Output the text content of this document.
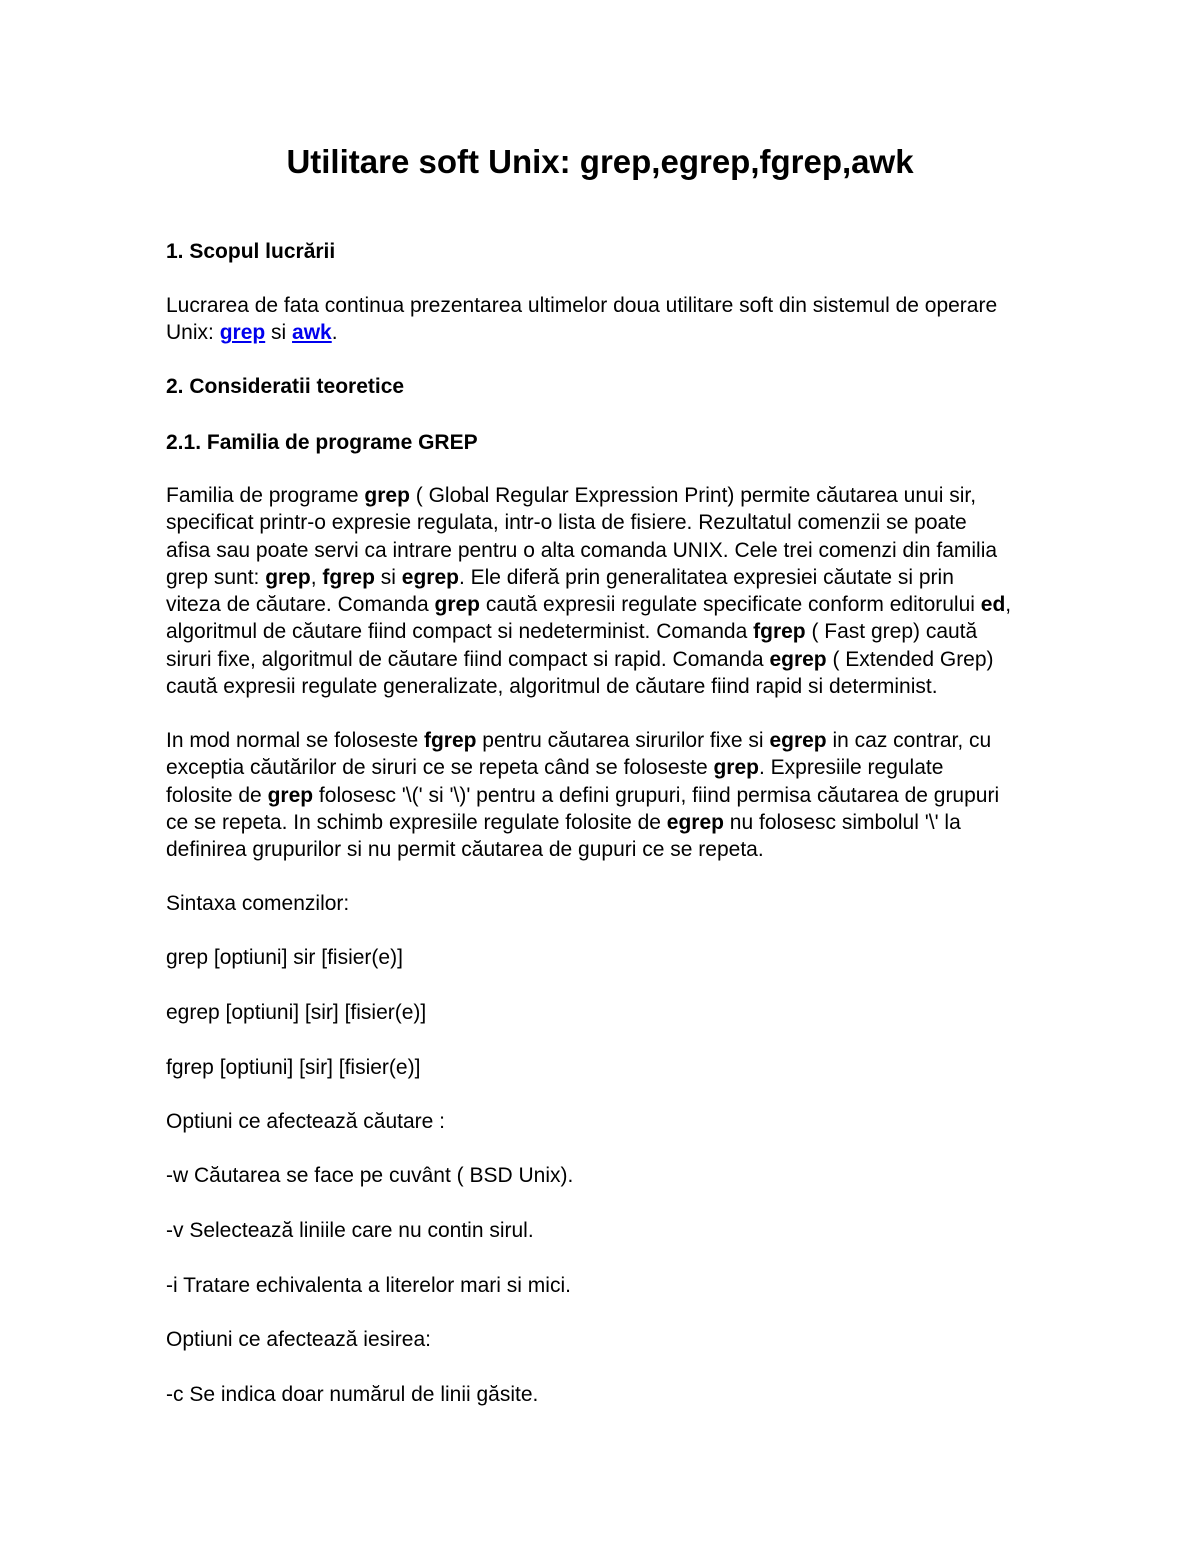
Utilitare soft Unix: grep,egrep,fgrep,awk

1. Scopul lucrării

Lucrarea de fata continua prezentarea ultimelor doua utilitare soft din sistemul de operare
Unix: grep si awk.

2. Consideratii teoretice

2.1. Familia de programe GREP

Familia de programe grep ( Global Regular Expression Print) permite căutarea unui sir,
specificat printr-o expresie regulata, intr-o lista de fisiere. Rezultatul comenzii se poate
afisa sau poate servi ca intrare pentru o alta comanda UNIX. Cele trei comenzi din familia
grep sunt: grep, fgrep si egrep. Ele diferă prin generalitatea expresiei căutate si prin
viteza de căutare. Comanda grep caută expresii regulate specificate conform editorului ed,
algoritmul de căutare fiind compact si nedeterminist. Comanda fgrep ( Fast grep) caută
siruri fixe, algoritmul de căutare fiind compact si rapid. Comanda egrep ( Extended Grep)
caută expresii regulate generalizate, algoritmul de căutare fiind rapid si determinist.

In mod normal se foloseste fgrep pentru căutarea sirurilor fixe si egrep in caz contrar, cu
exceptia căutărilor de siruri ce se repeta când se foloseste grep. Expresiile regulate
folosite de grep folosesc '\(' si '\)' pentru a defini grupuri, fiind permisa căutarea de grupuri
ce se repeta. In schimb expresiile regulate folosite de egrep nu folosesc simbolul '\' la
definirea grupurilor si nu permit căutarea de gupuri ce se repeta.

Sintaxa comenzilor:

grep [optiuni] sir [fisier(e)]

egrep [optiuni] [sir] [fisier(e)]

fgrep [optiuni] [sir] [fisier(e)]

Optiuni ce afectează căutare :

-w Căutarea se face pe cuvânt ( BSD Unix).

-v Selectează liniile care nu contin sirul.

-i Tratare echivalenta a literelor mari si mici.

Optiuni ce afectează iesirea:

-c Se indica doar numărul de linii găsite.
